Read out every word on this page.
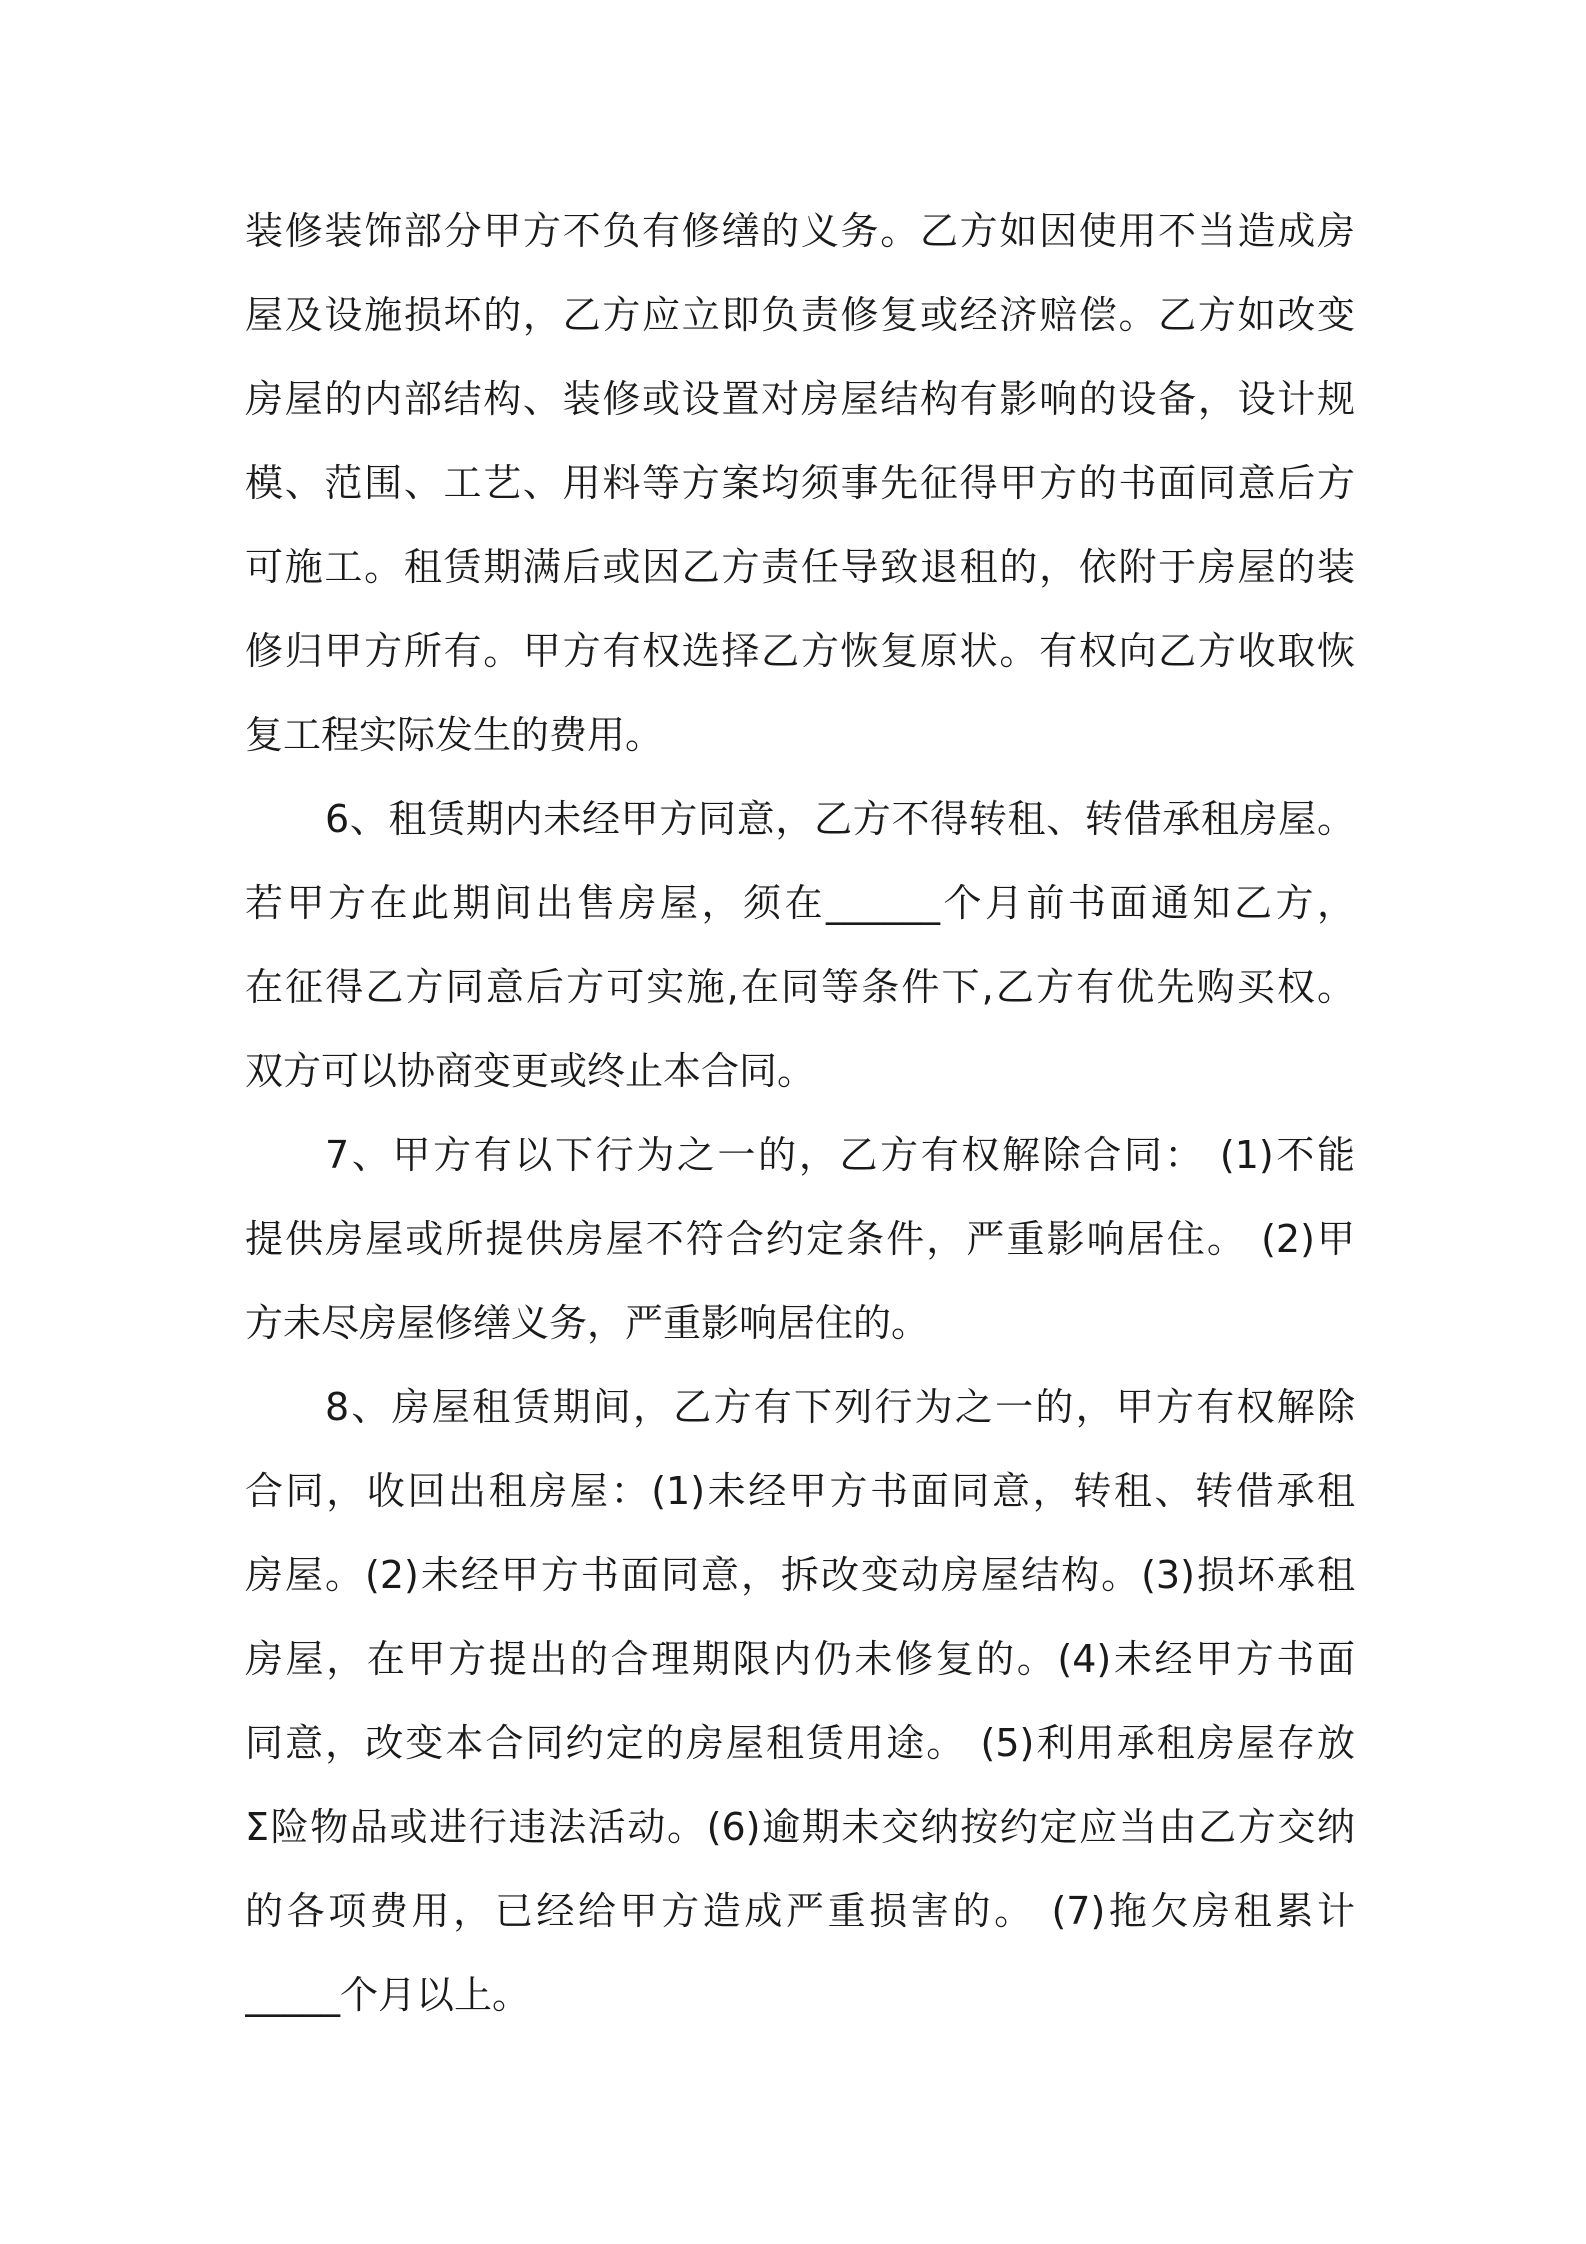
装修装饰部分甲方不负有修缮的义务。乙方如因使用不当造成房
屋及设施损坏的，乙方应立即负责修复或经济赔偿。乙方如改变
房屋的内部结构、装修或设置对房屋结构有影响的设备，设计规
模、范围、工艺、用料等方案均须事先征得甲方的书面同意后方
可施工。租赁期满后或因乙方责任导致退租的，依附于房屋的装
修归甲方所有。甲方有权选择乙方恢复原状。有权向乙方收取恢
复工程实际发生的费用。
6、租赁期内未经甲方同意，乙方不得转租、转借承租房屋。
若甲方在此期间出售房屋，须在______个月前书面通知乙方，
在征得乙方同意后方可实施,在同等条件下,乙方有优先购买权。
双方可以协商变更或终止本合同。
7、甲方有以下行为之一的，乙方有权解除合同： (1)不能
提供房屋或所提供房屋不符合约定条件，严重影响居住。 (2)甲
方未尽房屋修缮义务，严重影响居住的。
8、房屋租赁期间，乙方有下列行为之一的，甲方有权解除
合同，收回出租房屋：(1)未经甲方书面同意，转租、转借承租
房屋。(2)未经甲方书面同意，拆改变动房屋结构。(3)损坏承租
房屋，在甲方提出的合理期限内仍未修复的。(4)未经甲方书面
同意，改变本合同约定的房屋租赁用途。 (5)利用承租房屋存放
Σ险物品或进行违法活动。(6)逾期未交纳按约定应当由乙方交纳
的各项费用，已经给甲方造成严重损害的。 (7)拖欠房租累计
_____个月以上。
